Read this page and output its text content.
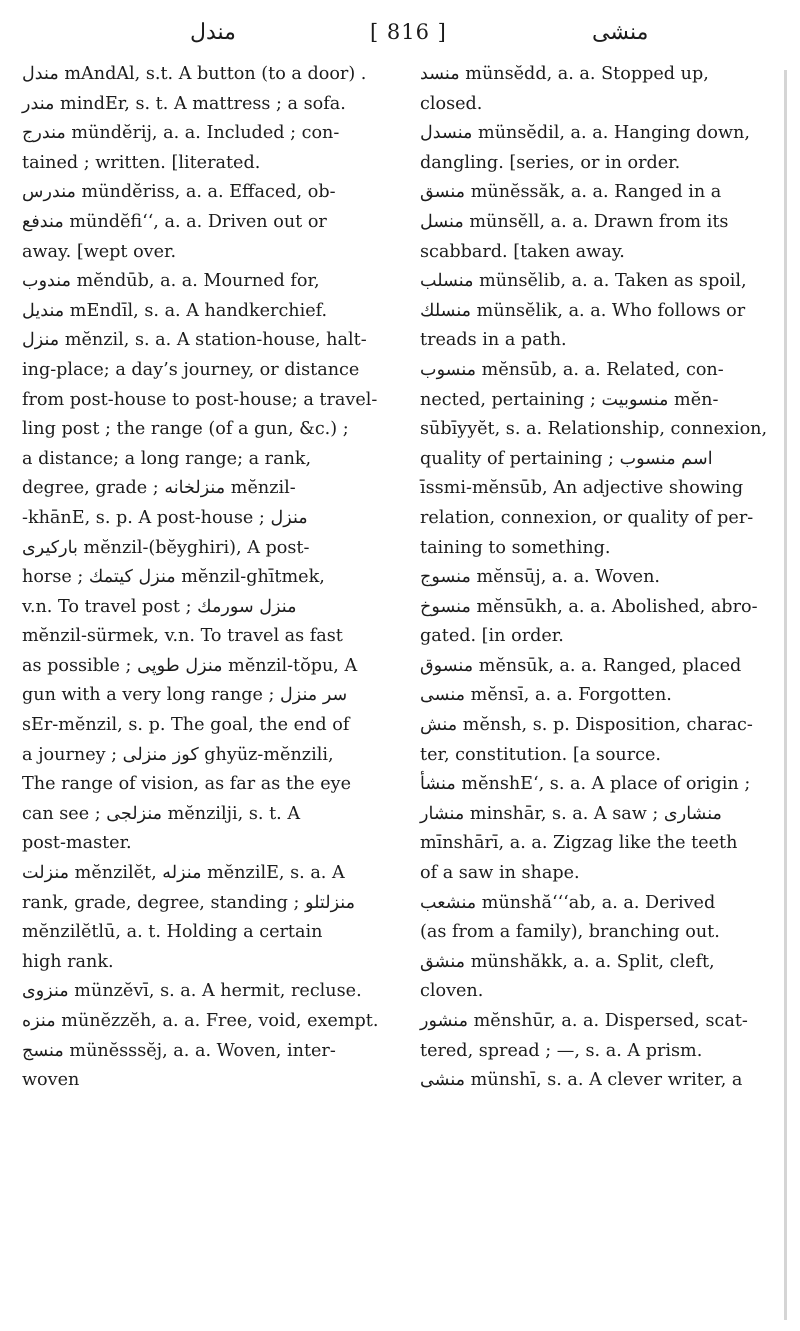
مندل	[ 816 ]	منشی
مندل mAndAl, s.t. A button (to a door) .
مندر mindEr, s. t. A mattress ; a sofa.
مندرج mündĕrij, a. a. Included ; con-
tained ; written. [literated.
مندرس mündĕriss, a. a. Effaced, ob-
مندفع mündĕfi‘‘, a. a. Driven out or
away. [wept over.
مندوب mĕndūb, a. a. Mourned for,
مندیل mEndīl, s. a. A handkerchief.
منزل mĕnzil, s. a. A station-house, halt-
ing-place; a day’s journey, or distance
from post-house to post-house; a travel-
ling post ; the range (of a gun, &c.) ;
a distance; a long range; a rank,
degree, grade ; منزلخانه mĕnzil-
-khānE, s. p. A post-house ; منزل
باركیری mĕnzil-(bĕyghiri), A post-
horse ; منزل کیتمك mĕnzil-ghītmek,
v.n. To travel post ; منزل سورمك
mĕnzil-sürmek, v.n. To travel as fast
as possible ; منزل طوپی mĕnzil-tŏpu, A
gun with a very long range ; سر منزل
sEr-mĕnzil, s. p. The goal, the end of
a journey ; کوز منزلی ghyüz-mĕnzili,
The range of vision, as far as the eye
can see ; منزلجی mĕnzilji, s. t. A
post-master.
منزلت mĕnzilĕt, منزله mĕnzilE, s. a. A
rank, grade, degree, standing ; منزلتلو
mĕnzilĕtlū, a. t. Holding a certain
high rank.
منزوی münzĕvī, s. a. A hermit, recluse.
منزه münĕzzĕh, a. a. Free, void, exempt.
منسج münĕsssĕj, a. a. Woven, inter-
woven
منسد münsĕdd, a. a. Stopped up,
closed.
منسدل münsĕdil, a. a. Hanging down,
dangling. [series, or in order.
منسق münĕssăk, a. a. Ranged in a
منسل münsĕll, a. a. Drawn from its
scabbard. [taken away.
منسلب münsĕlib, a. a. Taken as spoil,
منسلك münsĕlik, a. a. Who follows or
treads in a path.
منسوب mĕnsūb, a. a. Related, con-
nected, pertaining ; منسوبیت mĕn-
sūbīyyĕt, s. a. Relationship, connexion,
quality of pertaining ; اسم منسوب
īssmi-mĕnsūb, An adjective showing
relation, connexion, or quality of per-
taining to something.
منسوج mĕnsūj, a. a. Woven.
منسوخ mĕnsūkh, a. a. Abolished, abro-
gated. [in order.
منسوق mĕnsūk, a. a. Ranged, placed
منسی mĕnsī, a. a. Forgotten.
منش mĕnsh, s. p. Disposition, charac-
ter, constitution. [a source.
منشأ mĕnshE‘, s. a. A place of origin ;
منشار minshār, s. a. A saw ; منشاری
mīnshārī, a. a. Zigzag like the teeth
of a saw in shape.
منشعب münshă‘‘‘ab, a. a. Derived
(as from a family), branching out.
منشق münshăkk, a. a. Split, cleft,
cloven.
منشور mĕnshūr, a. a. Dispersed, scat-
tered, spread ; —, s. a. A prism.
منشی münshī, s. a. A clever writer, a
